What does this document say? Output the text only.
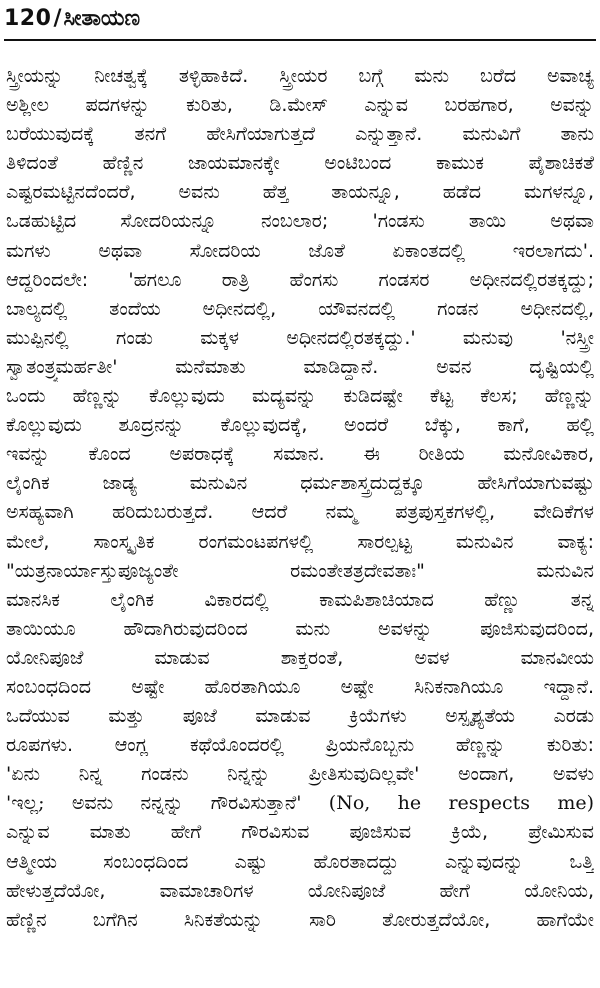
120/ಸೀತಾಯಣ
ಸ್ತ್ರೀಯನ್ನು ನೀಚತ್ವಕ್ಕೆ ತಳ್ಳಿಹಾಕಿದೆ. ಸ್ತ್ರೀಯರ ಬಗ್ಗೆ ಮನು ಬರೆದ ಅವಾಚ್ಯ
ಅಶ್ಲೀಲ ಪದಗಳನ್ನು ಕುರಿತು, ಡಿ.ಮೇಸ್ ಎನ್ನುವ ಬರಹಗಾರ, ಅವನ್ನು
ಬರೆಯುವುದಕ್ಕೆ ತನಗೆ ಹೇಸಿಗೆಯಾಗುತ್ತದೆ ಎನ್ನುತ್ತಾನೆ. ಮನುವಿಗೆ ತಾನು
ತಿಳಿದಂತೆ ಹೆಣ್ಣಿನ ಜಾಯಮಾನಕ್ಕೇ ಅಂಟಿಬಂದ ಕಾಮುಕ ಪೈಶಾಚಿಕತೆ
ಎಷ್ಟರಮಟ್ಟಿನದೆಂದರೆ, ಅವನು ಹೆತ್ತ ತಾಯನ್ನೂ, ಹಡೆದ ಮಗಳನ್ನೂ,
ಒಡಹುಟ್ಟಿದ ಸೋದರಿಯನ್ನೂ ನಂಬಲಾರ; 'ಗಂಡಸು ತಾಯಿ ಅಥವಾ
ಮಗಳು ಅಥವಾ ಸೋದರಿಯ ಜೊತೆ ಏಕಾಂತದಲ್ಲಿ ಇರಲಾಗದು'.
ಆದ್ದರಿಂದಲೇ: 'ಹಗಲೂ ರಾತ್ರಿ ಹೆಂಗಸು ಗಂಡಸರ ಅಧೀನದಲ್ಲಿರತಕ್ಕದ್ದು;
ಬಾಲ್ಯದಲ್ಲಿ ತಂದೆಯ ಅಧೀನದಲ್ಲಿ, ಯೌವನದಲ್ಲಿ ಗಂಡನ ಅಧೀನದಲ್ಲಿ,
ಮುಪ್ಪಿನಲ್ಲಿ ಗಂಡು ಮಕ್ಕಳ ಅಧೀನದಲ್ಲಿರತಕ್ಕದ್ದು.' ಮನುವು 'ನಸ್ತ್ರೀ
ಸ್ವಾತಂತ್ರ್ಯಮರ್ಹತೀ' ಮನೆಮಾತು ಮಾಡಿದ್ದಾನೆ. ಅವನ ದೃಷ್ಟಿಯಲ್ಲಿ
ಒಂದು ಹೆಣ್ಣನ್ನು ಕೊಲ್ಲುವುದು ಮದ್ಯವನ್ನು ಕುಡಿದಷ್ಟೇ ಕೆಟ್ಟ ಕೆಲಸ; ಹೆಣ್ಣನ್ನು
ಕೊಲ್ಲುವುದು ಶೂದ್ರನನ್ನು ಕೊಲ್ಲುವುದಕ್ಕೆ, ಅಂದರೆ ಬೆಕ್ಕು, ಕಾಗೆ, ಹಲ್ಲಿ
ಇವನ್ನು ಕೊಂದ ಅಪರಾಧಕ್ಕೆ ಸಮಾನ. ಈ ರೀತಿಯ ಮನೋವಿಕಾರ,
ಲೈಂಗಿಕ ಜಾಡ್ಯ ಮನುವಿನ ಧರ್ಮಶಾಸ್ತ್ರದುದ್ದಕ್ಕೂ ಹೇಸಿಗೆಯಾಗುವಷ್ಟು
ಅಸಹ್ಯವಾಗಿ ಹರಿದುಬರುತ್ತದೆ. ಆದರೆ ನಮ್ಮ ಪತ್ರಪುಸ್ತಕಗಳಲ್ಲಿ, ವೇದಿಕೆಗಳ
ಮೇಲೆ, ಸಾಂಸ್ಕೃತಿಕ ರಂಗಮಂಟಪಗಳಲ್ಲಿ ಸಾರಲ್ಪಟ್ಟ ಮನುವಿನ ವಾಕ್ಯ:
"ಯತ್ರನಾರ್ಯಾಸ್ತುಪೂಜ್ಯಂತೇ ರಮಂತೇತತ್ರದೇವತಾಃ" ಮನುವಿನ
ಮಾನಸಿಕ ಲೈಂಗಿಕ ವಿಕಾರದಲ್ಲಿ ಕಾಮಪಿಶಾಚಿಯಾದ ಹೆಣ್ಣು ತನ್ನ
ತಾಯಿಯೂ ಹೌದಾಗಿರುವುದರಿಂದ ಮನು ಅವಳನ್ನು ಪೂಜಿಸುವುದರಿಂದ,
ಯೋನಿಪೂಜೆ ಮಾಡುವ ಶಾಕ್ತರಂತೆ, ಅವಳ ಮಾನವೀಯ
ಸಂಬಂಧದಿಂದ ಅಷ್ಟೇ ಹೊರತಾಗಿಯೂ ಅಷ್ಟೇ ಸಿನಿಕನಾಗಿಯೂ ಇದ್ದಾನೆ.
ಒದೆಯುವ ಮತ್ತು ಪೂಜೆ ಮಾಡುವ ಕ್ರಿಯೆಗಳು ಅಸ್ಪೃಶ್ಯತೆಯ ಎರಡು
ರೂಪಗಳು. ಆಂಗ್ಲ ಕಥೆಯೊಂದರಲ್ಲಿ ಪ್ರಿಯನೊಬ್ಬನು ಹೆಣ್ಣನ್ನು ಕುರಿತು:
'ಏನು ನಿನ್ನ ಗಂಡನು ನಿನ್ನನ್ನು ಪ್ರೀತಿಸುವುದಿಲ್ಲವೇ' ಅಂದಾಗ, ಅವಳು
'ಇಲ್ಲ; ಅವನು ನನ್ನನ್ನು ಗೌರವಿಸುತ್ತಾನೆ' (No, he respects me)
ಎನ್ನುವ ಮಾತು ಹೇಗೆ ಗೌರವಿಸುವ ಪೂಜಿಸುವ ಕ್ರಿಯೆ, ಪ್ರೇಮಿಸುವ
ಆತ್ಮೀಯ ಸಂಬಂಧದಿಂದ ಎಷ್ಟು ಹೊರತಾದದ್ದು ಎನ್ನುವುದನ್ನು ಒತ್ತಿ
ಹೇಳುತ್ತದೆಯೋ, ವಾಮಾಚಾರಿಗಳ ಯೋನಿಪೂಜೆ ಹೇಗೆ ಯೋನಿಯ,
ಹೆಣ್ಣಿನ ಬಗೆಗಿನ ಸಿನಿಕತೆಯನ್ನು ಸಾರಿ ತೋರುತ್ತದೆಯೋ, ಹಾಗೆಯೇ
